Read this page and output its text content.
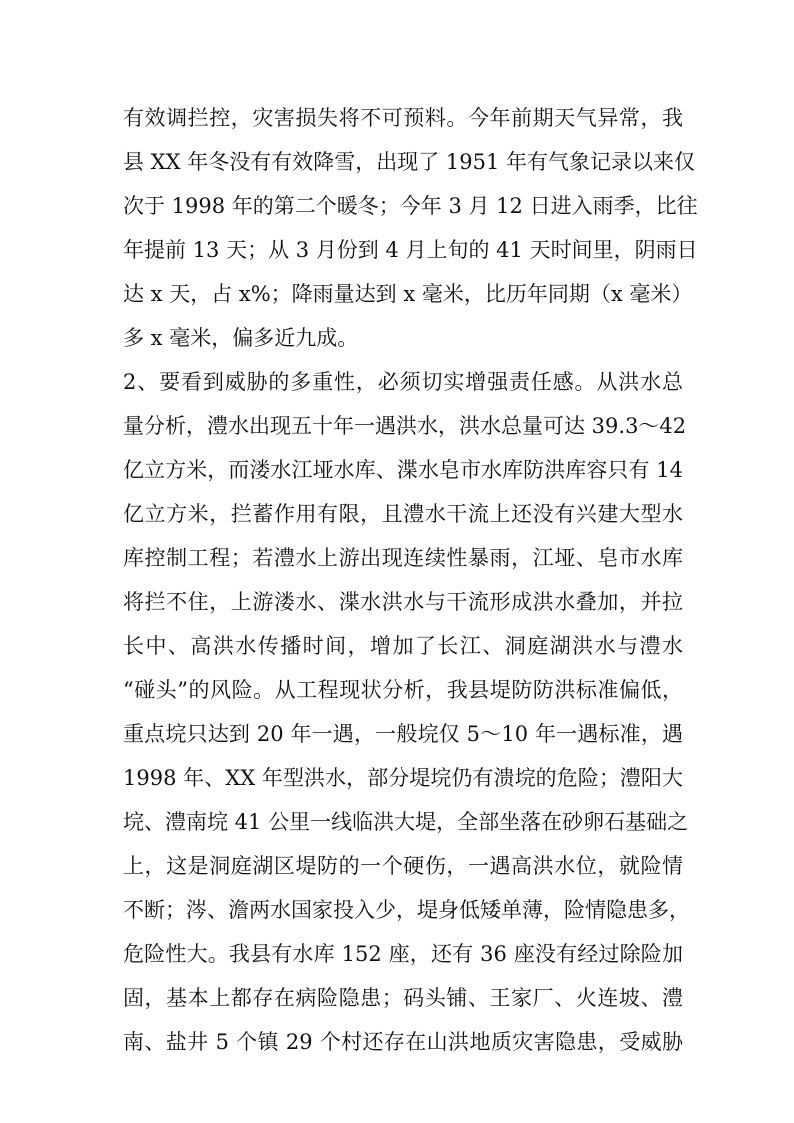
有效调拦控，灾害损失将不可预料。今年前期天气异常，我
县 XX 年冬没有有效降雪，出现了 1951 年有气象记录以来仅
次于 1998 年的第二个暖冬；今年 3 月 12 日进入雨季，比往
年提前 13 天；从 3 月份到 4 月上旬的 41 天时间里，阴雨日
达 x 天，占 x%；降雨量达到 x 毫米，比历年同期（x 毫米）
多 x 毫米，偏多近九成。
2、要看到威胁的多重性，必须切实增强责任感。从洪水总
量分析，澧水出现五十年一遇洪水，洪水总量可达 39.3～42
亿立方米，而溇水江垭水库、渫水皂市水库防洪库容只有 14
亿立方米，拦蓄作用有限，且澧水干流上还没有兴建大型水
库控制工程；若澧水上游出现连续性暴雨，江垭、皂市水库
将拦不住，上游溇水、渫水洪水与干流形成洪水叠加，并拉
长中、高洪水传播时间，增加了长江、洞庭湖洪水与澧水
“碰头”的风险。从工程现状分析，我县堤防防洪标准偏低，
重点垸只达到 20 年一遇，一般垸仅 5～10 年一遇标准，遇
1998 年、XX 年型洪水，部分堤垸仍有溃垸的危险；澧阳大
垸、澧南垸 41 公里一线临洪大堤，全部坐落在砂卵石基础之
上，这是洞庭湖区堤防的一个硬伤，一遇高洪水位，就险情
不断；涔、澹两水国家投入少，堤身低矮单薄，险情隐患多，
危险性大。我县有水库 152 座，还有 36 座没有经过除险加
固，基本上都存在病险隐患；码头铺、王家厂、火连坡、澧
南、盐井 5 个镇 29 个村还存在山洪地质灾害隐患，受威胁
